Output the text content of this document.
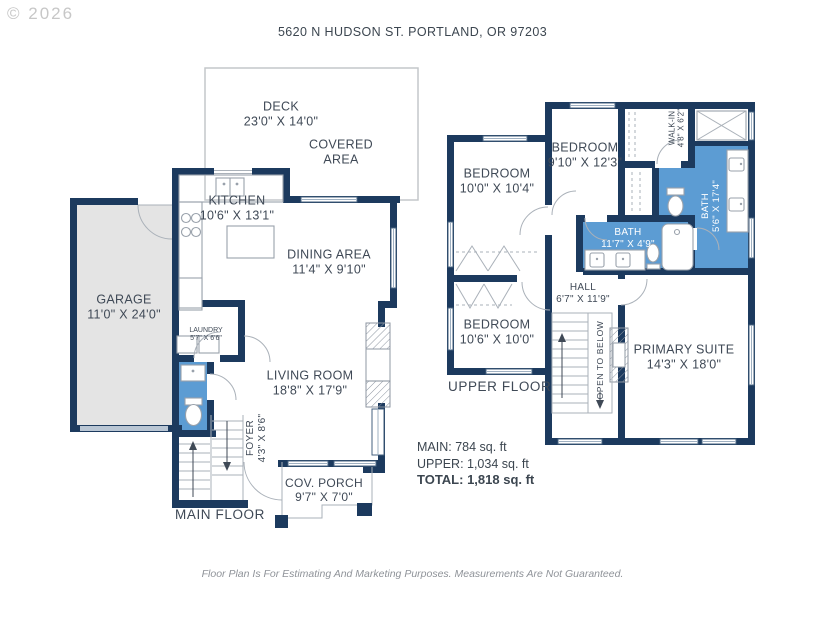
© 2026
5620 N HUDSON ST. PORTLAND, OR 97203
DECK
23'0" X 14'0"
COVERED AREA
KITCHEN
10'6" X 13'1"
DINING AREA
11'4" X 9'10"
GARAGE
11'0" X 24'0"
LAUNDRY
5'7" X 6'6"
LIVING ROOM
18'8" X 17'9"
FOYER 4'3" X 8'6"
COV. PORCH
9'7" X 7'0"
MAIN FLOOR
BEDROOM
10'0" X 10'4"
BEDROOM
9'10" X 12'3"
WALK-IN 4'8" X 6'2"
BATH 5'6" X 17'4"
BATH
11'7" X 4'9"
HALL
6'7" X 11'9"
BEDROOM
10'6" X 10'0"	OPEN TO BELOW PRIMARY SUITE
14'3" X 18'0"
UPPER FLOOR
MAIN: 784 sq. ft
UPPER: 1,034 sq. ft
TOTAL: 1,818 sq. ft
Floor Plan Is For Estimating And Marketing Purposes. Measurements Are Not Guaranteed.
